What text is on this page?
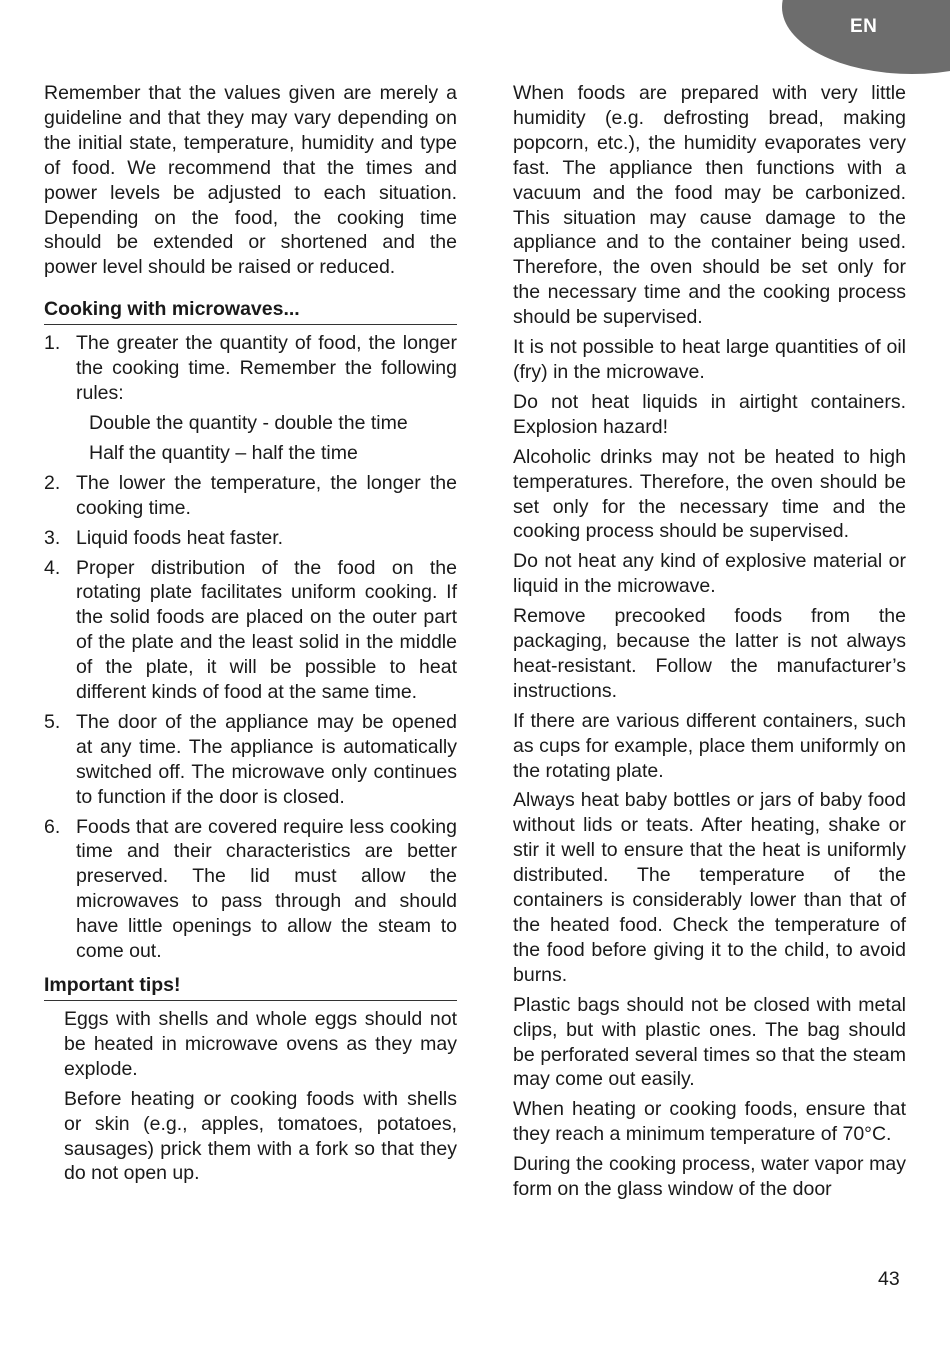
EN

Remember that the values given are merely a guideline and that they may vary depending on the initial state, temperature, humidity and type of food. We recommend that the times and power levels be adjusted to each situation. Depending on the food, the cooking time should be extended or shortened and the power level should be raised or reduced.

Cooking with microwaves...
1. The greater the quantity of food, the longer the cooking time. Remember the following rules:

Double the quantity - double the time

Half the quantity – half the time

2. The lower the temperature, the longer the cooking time.
3. Liquid foods heat faster.
4. Proper distribution of the food on the rotating plate facilitates uniform cooking. If the solid foods are placed on the outer part of the plate and the least solid in the middle of the plate, it will be possible to heat different kinds of food at the same time.
5. The door of the appliance may be opened at any time. The appliance is automatically switched off. The microwave only continues to function if the door is closed.
6. Foods that are covered require less cooking time and their characteristics are better preserved. The lid must allow the microwaves to pass through and should have little openings to allow the steam to come out.
Important tips!

Eggs with shells and whole eggs should not be heated in microwave ovens as they may explode.

Before heating or cooking foods with shells or skin (e.g., apples, tomatoes, potatoes, sausages) prick them with a fork so that they do not open up.

When foods are prepared with very little humidity (e.g. defrosting bread, making popcorn, etc.), the humidity evaporates very fast. The appliance then functions with a vacuum and the food may be carbonized. This situation may cause damage to the appliance and to the container being used. Therefore, the oven should be set only for the necessary time and the cooking process should be supervised.

It is not possible to heat large quantities of oil (fry) in the microwave.

Do not heat liquids in airtight containers. Explosion hazard!

Alcoholic drinks may not be heated to high temperatures. Therefore, the oven should be set only for the necessary time and the cooking process should be supervised.

Do not heat any kind of explosive material or liquid in the microwave.

Remove precooked foods from the packaging, because the latter is not always heat-resistant. Follow the manufacturer’s instructions.

If there are various different containers, such as cups for example, place them uniformly on the rotating plate.

Always heat baby bottles or jars of baby food without lids or teats. After heating, shake or stir it well to ensure that the heat is uniformly distributed. The temperature of the containers is considerably lower than that of the heated food. Check the temperature of the food before giving it to the child, to avoid burns.

Plastic bags should not be closed with metal clips, but with plastic ones. The bag should be perforated several times so that the steam may come out easily.

When heating or cooking foods, ensure that they reach a minimum temperature of 70°C.

During the cooking process, water vapor may form on the glass window of the door

43
